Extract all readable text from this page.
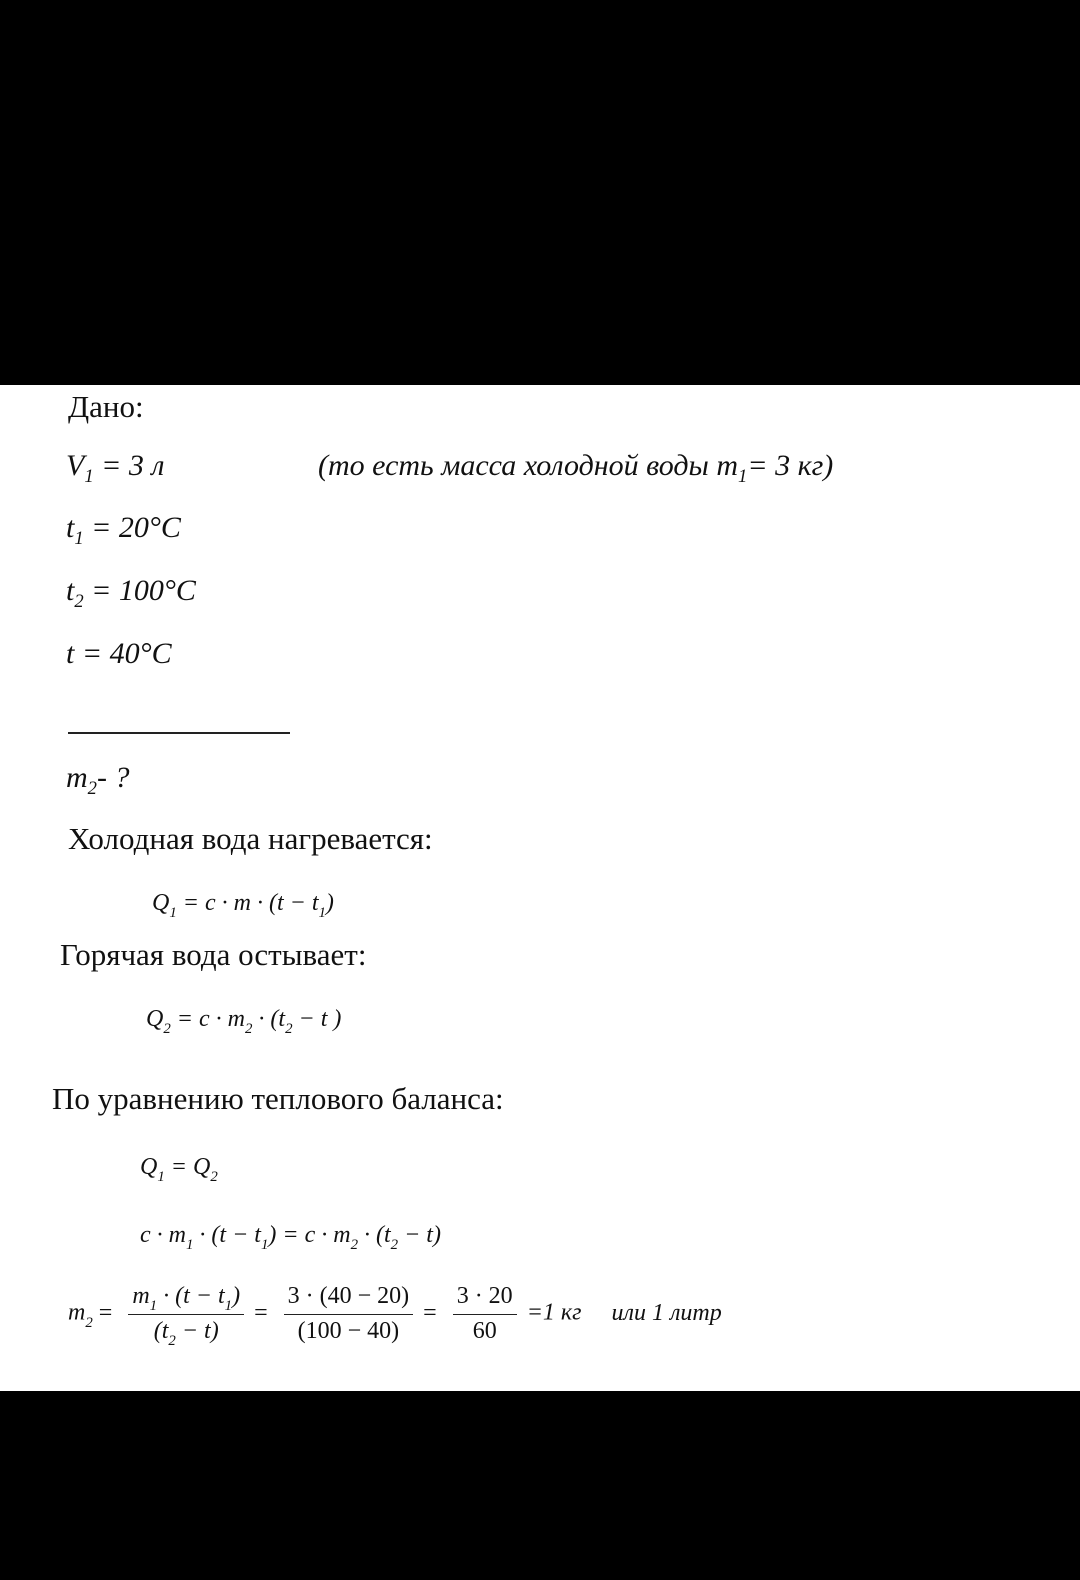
Дано:
$V_1 = 3$ л	(то есть масса холодной воды $m_1= 3$ кг)
$t_1 = 20^\circ C$
$t_2 = 100^\circ C$
t = 40°C
$m_2-$ ?
Холодная вода нагревается:
$Q_1 = c \cdot m \cdot (t - t_1)$
Горячая вода остывает:
$Q_2 = c \cdot m_2 \cdot (t_2 - t$ )
По уравнению теплового баланса:
$Q_1 = Q_2$
$c \cdot m_1 \cdot (t - t_1) = c \cdot m_2 \cdot (t_2 - t)$
$m_2 = \frac{m_1 \cdot (t - t_1)}{(t_2 - t)} = \frac{3 \cdot (40 - 20)}{(100 - 40)} = \frac{3 \cdot 20}{60} =1$ кг или 1 литр
